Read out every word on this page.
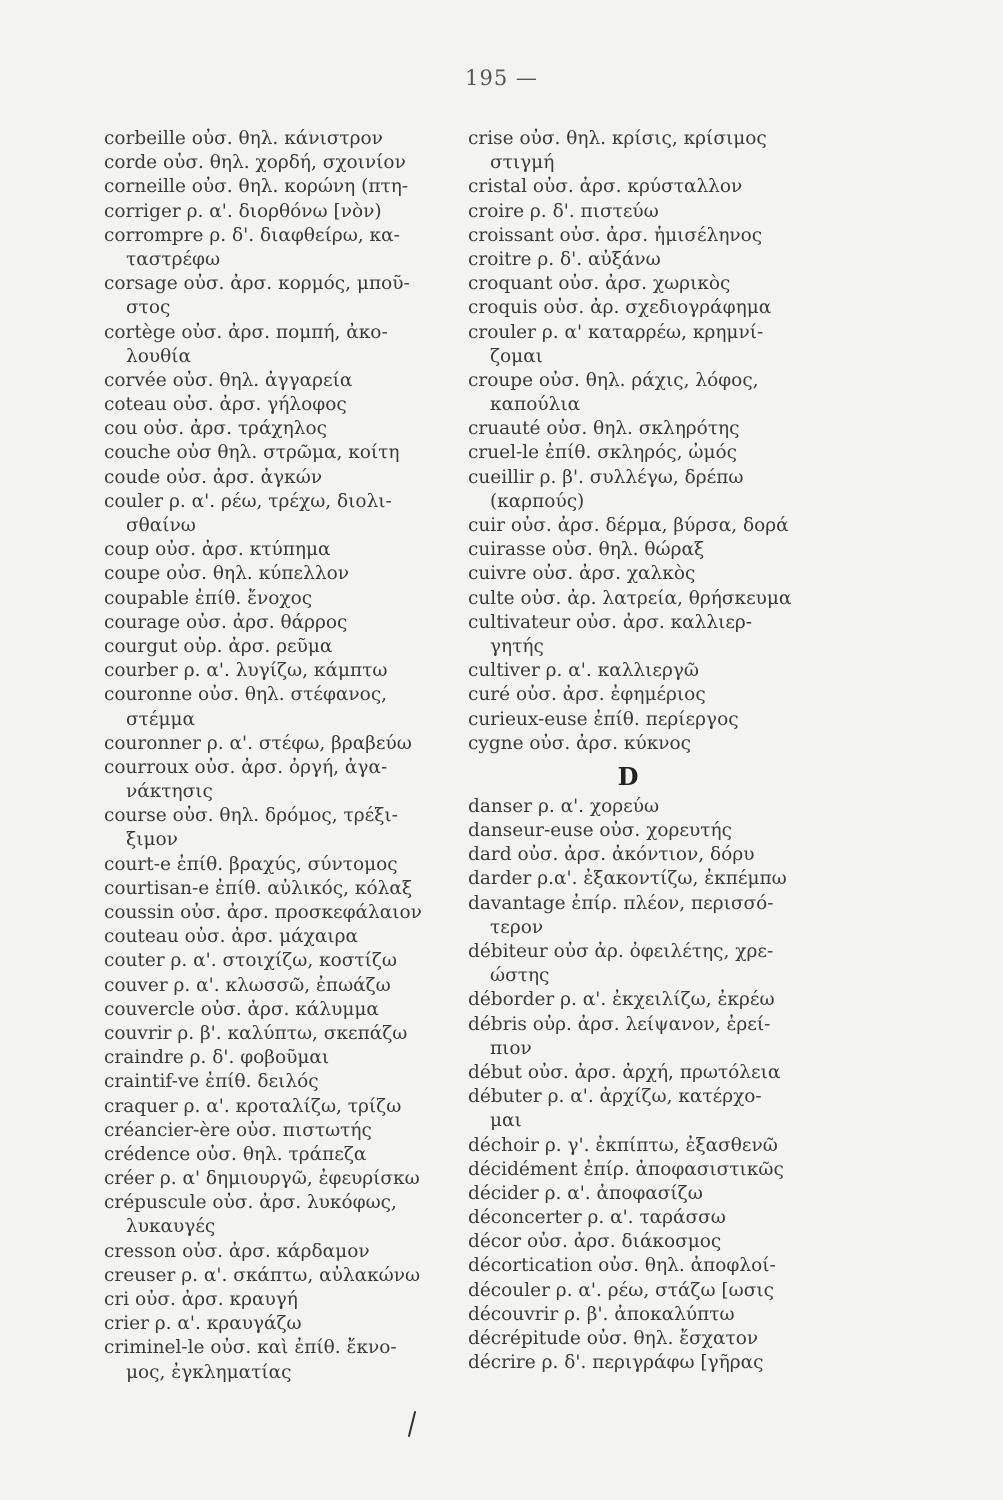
195 —
corbeille οὐσ. θηλ. κάνιστρον
corde οὐσ. θηλ. χορδή, σχοινίον
corneille οὐσ. θηλ. κορώνη (πτη-
corriger ρ. α'. διορθόνω [νὸν)
corrompre ρ. δ'. διαφθείρω, κα-
ταστρέφω
corsage οὐσ. ἀρσ. κορμός, μποῦ-
στος
cortège οὐσ. ἀρσ. πομπή, ἀκο-
λουθία
corvée οὐσ. θηλ. ἀγγαρεία
coteau οὐσ. ἀρσ. γήλοφος
cou οὐσ. ἀρσ. τράχηλος
couche οὐσ θηλ. στρῶμα, κοίτη
coude οὐσ. ἀρσ. ἀγκών
couler ρ. α'. ρέω, τρέχω, διολι-
σθαίνω
coup οὐσ. ἀρσ. κτύπημα
coupe οὐσ. θηλ. κύπελλον
coupable ἐπίθ. ἔνοχος
courage οὐσ. ἀρσ. θάρρος
courgut οὐρ. ἀρσ. ρεῦμα
courber ρ. α'. λυγίζω, κάμπτω
couronne οὐσ. θηλ. στέφανος,
στέμμα
couronner ρ. α'. στέφω, βραβεύω
courroux οὐσ. ἀρσ. ὀργή, ἀγα-
νάκτησις
course οὐσ. θηλ. δρόμος, τρέξι-
ξιμον
court-e ἐπίθ. βραχύς, σύντομος
courtisan-e ἐπίθ. αὐλικός, κόλαξ
coussin οὐσ. ἀρσ. προσκεφάλαιον
couteau οὐσ. ἀρσ. μάχαιρα
couter ρ. α'. στοιχίζω, κοστίζω
couver ρ. α'. κλωσσῶ, ἐπωάζω
couvercle οὐσ. ἀρσ. κάλυμμα
couvrir ρ. β'. καλύπτω, σκεπάζω
craindre ρ. δ'. φοβοῦμαι
craintif-ve ἐπίθ. δειλός
craquer ρ. α'. κροταλίζω, τρίζω
créancier-ère οὐσ. πιστωτής
crédence οὐσ. θηλ. τράπεζα
créer ρ. α' δημιουργῶ, ἐφευρίσκω
crépuscule οὐσ. ἀρσ. λυκόφως,
λυκαυγές
cresson οὐσ. ἀρσ. κάρδαμον
creuser ρ. α'. σκάπτω, αὐλακώνω
cri οὐσ. ἀρσ. κραυγή
crier ρ. α'. κραυγάζω
criminel-le οὐσ. καὶ ἐπίθ. ἔκνο-
μος, ἐγκληματίας
crise οὐσ. θηλ. κρίσις, κρίσιμος
στιγμή
cristal οὐσ. ἀρσ. κρύσταλλον
croire ρ. δ'. πιστεύω
croissant οὐσ. ἀρσ. ἡμισέληνος
croitre ρ. δ'. αὐξάνω
croquant οὐσ. ἀρσ. χωρικὸς
croquis οὐσ. ἀρ. σχεδιογράφημα
crouler ρ. α' καταρρέω, κρημνί-
ζομαι
croupe οὐσ. θηλ. ράχις, λόφος,
καπούλια
cruauté οὐσ. θηλ. σκληρότης
cruel-le ἐπίθ. σκληρός, ὠμός
cueillir ρ. β'. συλλέγω, δρέπω
(καρπούς)
cuir οὐσ. ἀρσ. δέρμα, βύρσα, δορά
cuirasse οὐσ. θηλ. θώραξ
cuivre οὐσ. ἀρσ. χαλκὸς
culte οὐσ. ἀρ. λατρεία, θρήσκευμα
cultivateur οὐσ. ἀρσ. καλλιερ-
γητής
cultiver ρ. α'. καλλιεργῶ
curé οὐσ. ἀρσ. ἐφημέριος
curieux-euse ἐπίθ. περίεργος
cygne οὐσ. ἀρσ. κύκνος
D
danser ρ. α'. χορεύω
danseur-euse οὐσ. χορευτής
dard οὐσ. ἀρσ. ἀκόντιον, δόρυ
darder ρ.α'. ἐξακοντίζω, ἐκπέμπω
davantage ἐπίρ. πλέον, περισσό-
τερον
débiteur οὐσ ἀρ. ὀφειλέτης, χρε-
ώστης
déborder ρ. α'. ἐκχειλίζω, ἐκρέω
débris οὐρ. ἀρσ. λείψανον, ἐρεί-
πιον
début οὐσ. ἀρσ. ἀρχή, πρωτόλεια
débuter ρ. α'. ἀρχίζω, κατέρχο-
μαι
déchoir ρ. γ'. ἐκπίπτω, ἐξασθενῶ
décidément ἐπίρ. ἀποφασιστικῶς
décider ρ. α'. ἀποφασίζω
déconcerter ρ. α'. ταράσσω
décor οὐσ. ἀρσ. διάκοσμος
décortication οὐσ. θηλ. ἀποφλοί-
découler ρ. α'. ρέω, στάζω [ωσις
découvrir ρ. β'. ἀποκαλύπτω
décrépitude οὐσ. θηλ. ἔσχατον
décrire ρ. δ'. περιγράφω [γῆρας
